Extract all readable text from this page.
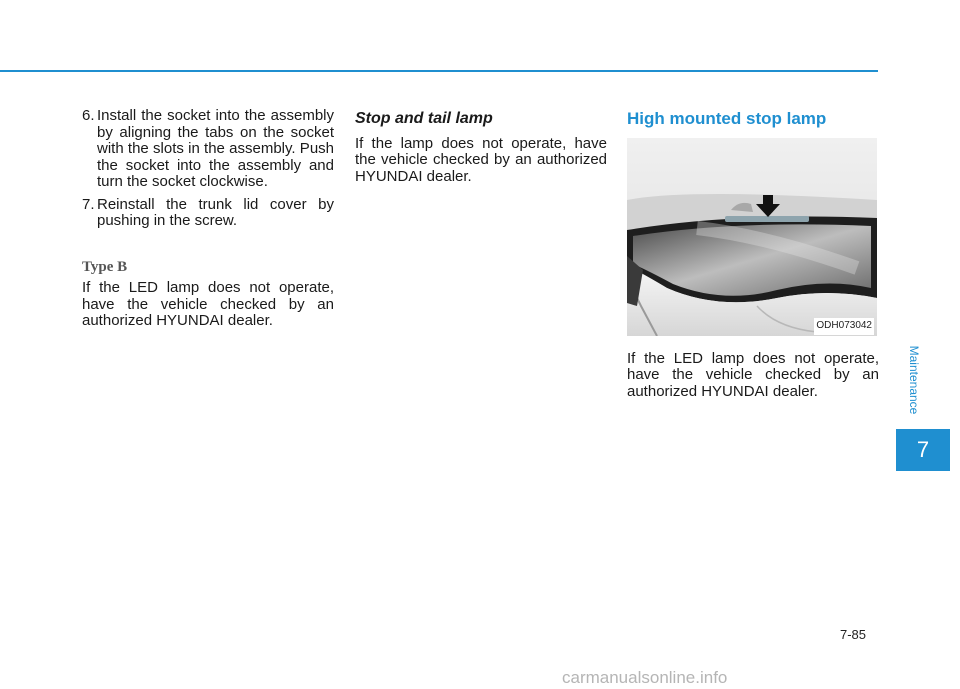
6. Install the socket into the assembly by aligning the tabs on the socket with the slots in the assembly. Push the socket into the assembly and turn the socket clockwise.

7. Reinstall the trunk lid cover by pushing in the screw.

Type B

If the LED lamp does not operate, have the vehicle checked by an authorized HYUNDAI dealer.

Stop and tail lamp

If the lamp does not operate, have the vehicle checked by an authorized HYUNDAI dealer.

High mounted stop lamp
ODH073042

If the LED lamp does not operate, have the vehicle checked by an authorized HYUNDAI dealer.	Maintenance
7
7-85
carmanualsonline.info
